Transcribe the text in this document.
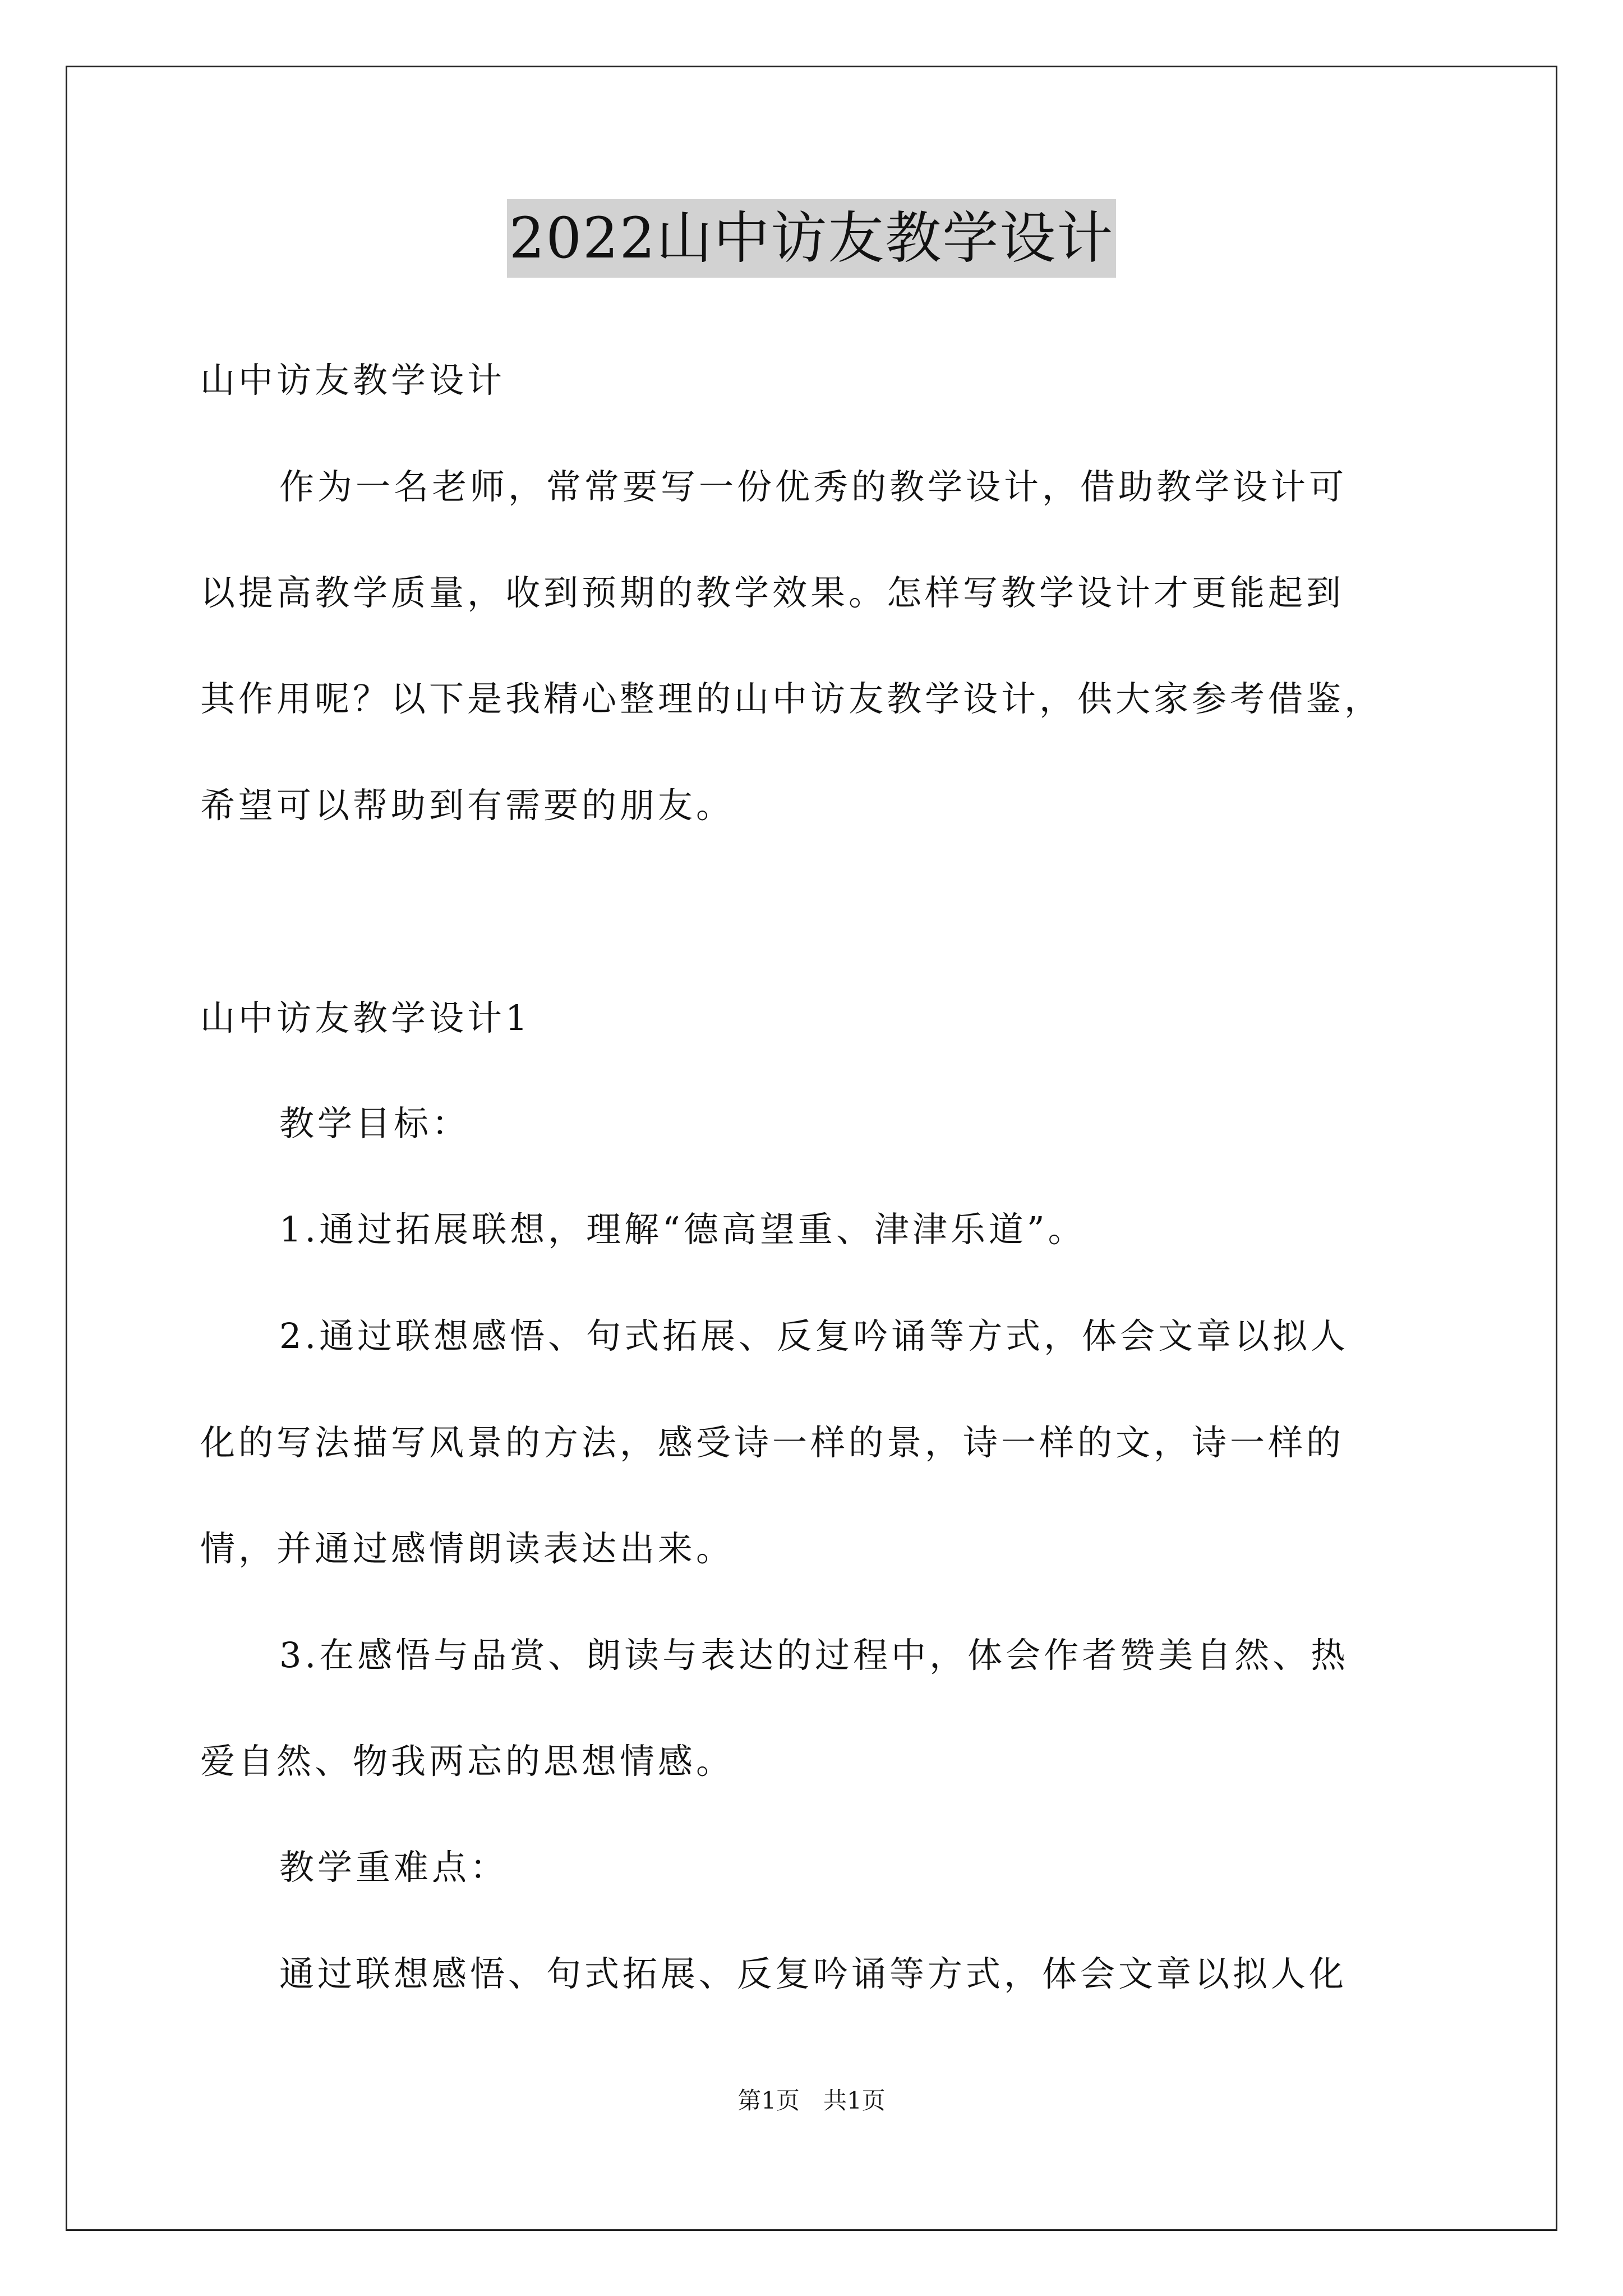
2022山中访友教学设计
山中访友教学设计
作为一名老师，常常要写一份优秀的教学设计，借助教学设计可
以提高教学质量，收到预期的教学效果。怎样写教学设计才更能起到
其作用呢？以下是我精心整理的山中访友教学设计，供大家参考借鉴，
希望可以帮助到有需要的朋友。
山中访友教学设计1
教学目标：
1.通过拓展联想，理解“德高望重、津津乐道”。
2.通过联想感悟、句式拓展、反复吟诵等方式，体会文章以拟人
化的写法描写风景的方法，感受诗一样的景，诗一样的文，诗一样的
情，并通过感情朗读表达出来。
3.在感悟与品赏、朗读与表达的过程中，体会作者赞美自然、热
爱自然、物我两忘的思想情感。
教学重难点：
通过联想感悟、句式拓展、反复吟诵等方式，体会文章以拟人化
第1页　共1页
